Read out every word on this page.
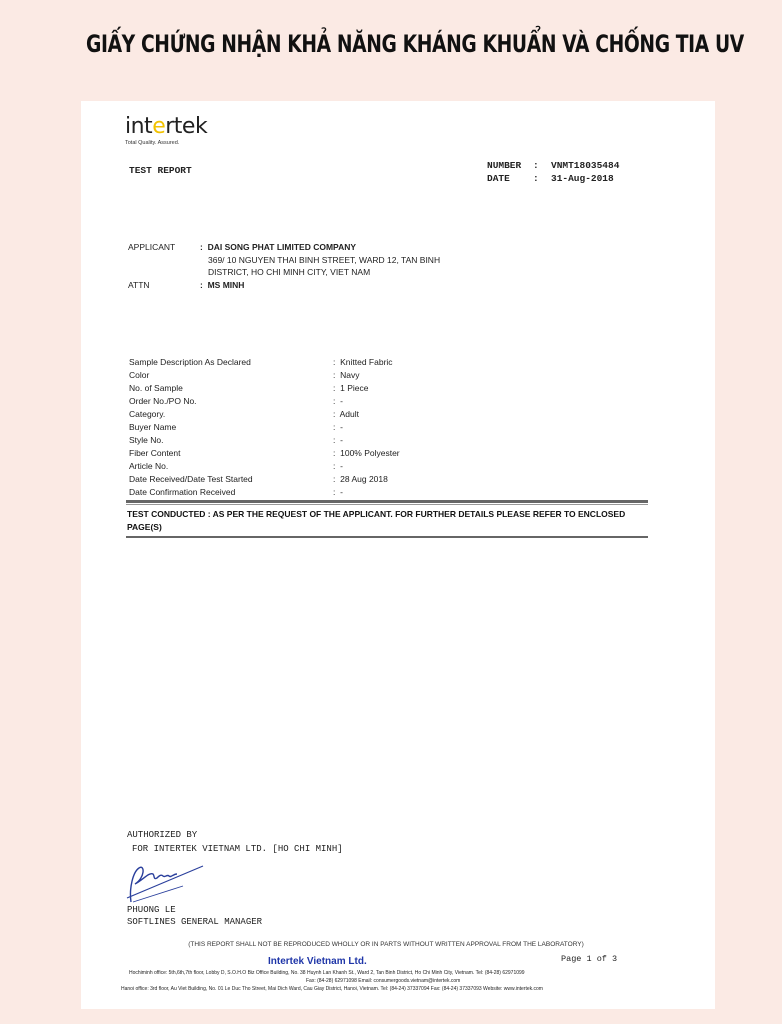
GIẤY CHỨNG NHẬN KHẢ NĂNG KHÁNG KHUẨN VÀ CHỐNG TIA UV
intertek
Total Quality. Assured.
TEST REPORT	NUMBER	:	VNMT18035484
DATE	:	31-Aug-2018
APPLICANT	: DAI SONG PHAT LIMITED COMPANY
369/ 10 NGUYEN THAI BINH STREET, WARD 12, TAN BINH
DISTRICT, HO CHI MINH CITY, VIET NAM
ATTN	: MS MINH
Sample Description As Declared	: Knitted Fabric
Color	: Navy
No. of Sample	: 1 Piece
Order No./PO No.	: -
Category.	: Adult
Buyer Name	: -
Style No.	: -
Fiber Content	: 100% Polyester
Article No.	: -
Date Received/Date Test Started	: 28 Aug 2018
Date Confirmation Received	: -
TEST CONDUCTED : AS PER THE REQUEST OF THE APPLICANT. FOR FURTHER DETAILS PLEASE REFER TO ENCLOSED
PAGE(S)
AUTHORIZED BY
FOR INTERTEK VIETNAM LTD. [HO CHI MINH]
PHUONG LE
SOFTLINES GENERAL MANAGER
(THIS REPORT SHALL NOT BE REPRODUCED WHOLLY OR IN PARTS WITHOUT WRITTEN APPROVAL FROM THE LABORATORY)
Page 1 of 3
Intertek Vietnam Ltd.
Hochiminh office: 5th,6th,7th floor, Lobby D, S.O.H.O Biz Office Building, No. 38 Huynh Lan Khanh St., Ward 2, Tan Binh District, Ho Chi Minh City, Vietnam. Tel: (84-28) 62971099
Fax: (84-28) 62971098 Email: consumergoods.vietnam@intertek.com
Hanoi office: 3rd floor, Au Viet Building, No. 01 Le Duc Tho Street, Mai Dich Ward, Cau Giay District, Hanoi, Vietnam. Tel: (84-24) 37337094 Fax: (84-24) 37337093 Website: www.intertek.com
